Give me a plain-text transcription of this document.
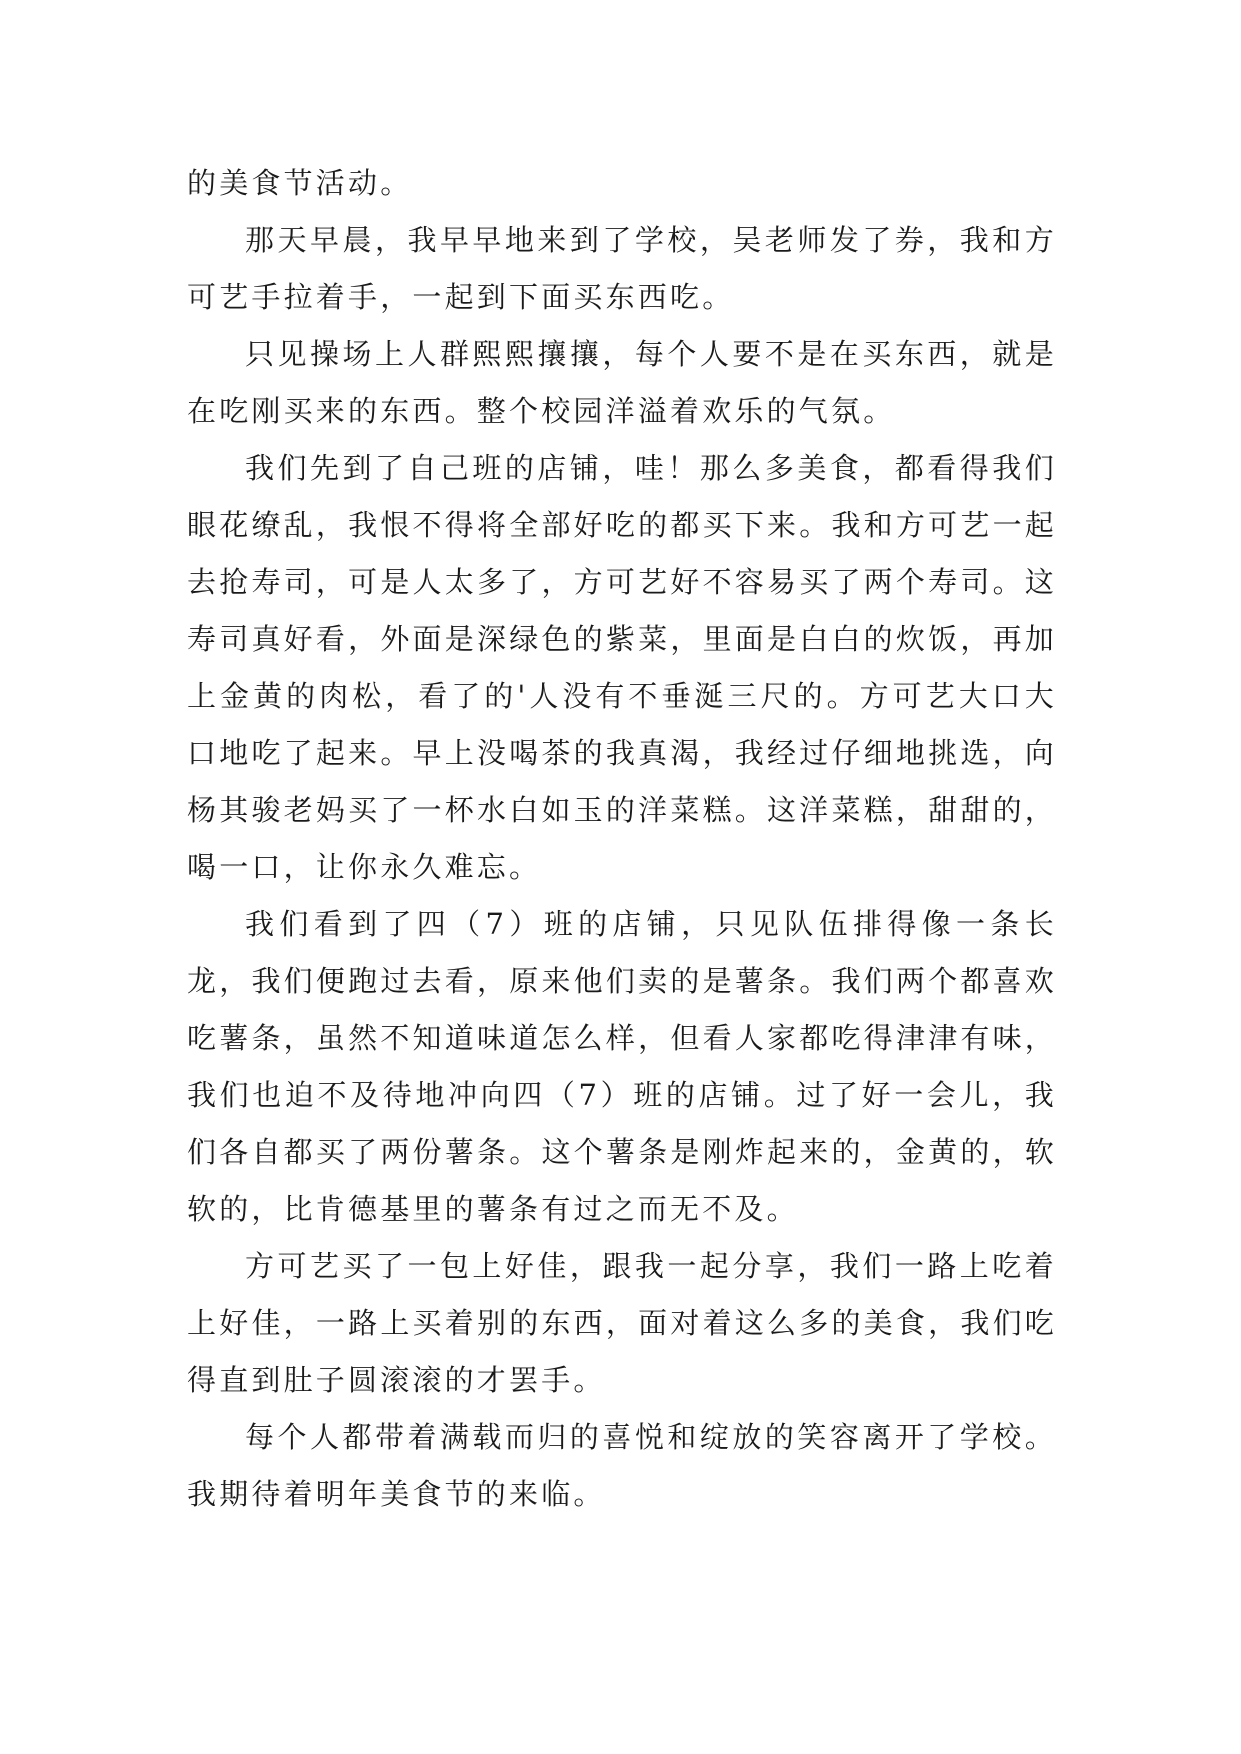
的美食节活动。

那天早晨，我早早地来到了学校，吴老师发了券，我和方可艺手拉着手，一起到下面买东西吃。

只见操场上人群熙熙攘攘，每个人要不是在买东西，就是在吃刚买来的东西。整个校园洋溢着欢乐的气氛。

我们先到了自己班的店铺，哇！那么多美食，都看得我们眼花缭乱，我恨不得将全部好吃的都买下来。我和方可艺一起去抢寿司，可是人太多了，方可艺好不容易买了两个寿司。这寿司真好看，外面是深绿色的紫菜，里面是白白的炊饭，再加上金黄的肉松，看了的'人没有不垂涎三尺的。方可艺大口大口地吃了起来。早上没喝茶的我真渴，我经过仔细地挑选，向杨其骏老妈买了一杯水白如玉的洋菜糕。这洋菜糕，甜甜的，喝一口，让你永久难忘。

我们看到了四（7）班的店铺，只见队伍排得像一条长龙，我们便跑过去看，原来他们卖的是薯条。我们两个都喜欢吃薯条，虽然不知道味道怎么样，但看人家都吃得津津有味，我们也迫不及待地冲向四（7）班的店铺。过了好一会儿，我们各自都买了两份薯条。这个薯条是刚炸起来的，金黄的，软软的，比肯德基里的薯条有过之而无不及。

方可艺买了一包上好佳，跟我一起分享，我们一路上吃着上好佳，一路上买着别的东西，面对着这么多的美食，我们吃得直到肚子圆滚滚的才罢手。

每个人都带着满载而归的喜悦和绽放的笑容离开了学校。我期待着明年美食节的来临。
